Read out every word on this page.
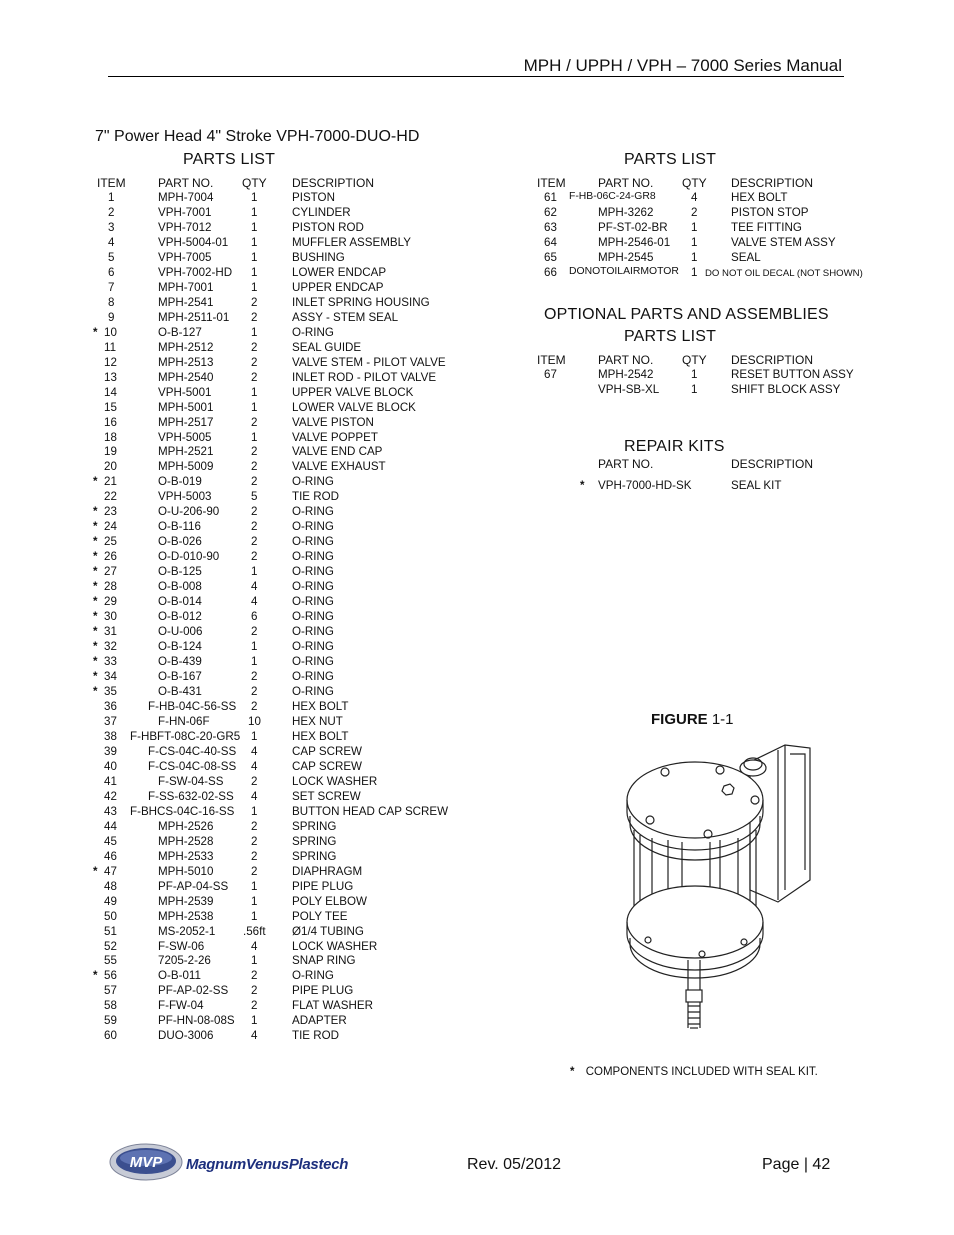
MPH / UPPH / VPH – 7000 Series Manual
7" Power Head 4" Stroke VPH-7000-DUO-HD
PARTS LIST
ITEM	PART NO. QTY DESCRIPTION
1	MPH-7004	1	PISTON
2	VPH-7001	1	CYLINDER
3	VPH-7012	1	PISTON ROD
4	VPH-5004-01 1	MUFFLER ASSEMBLY
5	VPH-7005	1	BUSHING
6	VPH-7002-HD 1	LOWER ENDCAP
7	MPH-7001	1	UPPER ENDCAP
8	MPH-2541	2	INLET SPRING HOUSING
9	MPH-2511-01 2	ASSY - STEM SEAL
* 10	O-B-127	1	O-RING
11	MPH-2512	2	SEAL GUIDE
12	MPH-2513	2	VALVE STEM - PILOT VALVE
13	MPH-2540	2	INLET ROD - PILOT VALVE
14	VPH-5001	1	UPPER VALVE BLOCK
15	MPH-5001	1	LOWER VALVE BLOCK
16	MPH-2517	2	VALVE PISTON
18	VPH-5005	1	VALVE POPPET
19	MPH-2521	2	VALVE END CAP
20	MPH-5009	2	VALVE EXHAUST
* 21	O-B-019	2	O-RING
22	VPH-5003	5	TIE ROD
* 23	O-U-206-90	2	O-RING
* 24	O-B-116	2	O-RING
* 25	O-B-026	2	O-RING
* 26	O-D-010-90	2	O-RING
* 27	O-B-125	1	O-RING
* 28	O-B-008	4	O-RING
* 29	O-B-014	4	O-RING
* 30	O-B-012	6	O-RING
* 31	O-U-006	2	O-RING
* 32	O-B-124	1	O-RING
* 33	O-B-439	1	O-RING
* 34	O-B-167	2	O-RING
* 35	O-B-431	2	O-RING
36	F-HB-04C-56-SS 2	HEX BOLT
37	F-HN-06F	10	HEX NUT
38 F-HBFT-08C-20-GR5 1	HEX BOLT
39	F-CS-04C-40-SS 4	CAP SCREW
40	F-CS-04C-08-SS 4	CAP SCREW
41	F-SW-04-SS 2	LOCK WASHER
42	F-SS-632-02-SS 4	SET SCREW
43 F-BHCS-04C-16-SS 1	BUTTON HEAD CAP SCREW
44	MPH-2526	2	SPRING
45	MPH-2528	2	SPRING
46	MPH-2533	2	SPRING
* 47	MPH-5010	2	DIAPHRAGM
48	PF-AP-04-SS 1	PIPE PLUG
49	MPH-2539	1	POLY ELBOW
50	MPH-2538	1	POLY TEE
51	MS-2052-1 .56ft Ø1/4 TUBING
52	F-SW-06	4	LOCK WASHER
55	7205-2-26	1	SNAP RING
* 56	O-B-011	2	O-RING
57	PF-AP-02-SS 2	PIPE PLUG
58	F-FW-04	2	FLAT WASHER
59	PF-HN-08-08S 1	ADAPTER
60	DUO-3006	4	TIE ROD
PARTS LIST
ITEM	PART NO. QTY DESCRIPTION
61 F-HB-06C-24-GR8	4	HEX BOLT
62	MPH-3262	2	PISTON STOP
63	PF-ST-02-BR 1	TEE FITTING
64	MPH-2546-01 1	VALVE STEM ASSY
65	MPH-2545	1	SEAL
66 DONOTOILAIRMOTOR 1 DO NOT OIL DECAL (NOT SHOWN)
OPTIONAL PARTS AND ASSEMBLIES
PARTS LIST
ITEM	PART NO. QTY DESCRIPTION
67	MPH-2542	1	RESET BUTTON ASSY
VPH-SB-XL	1	SHIFT BLOCK ASSY
REPAIR KITS
PART NO.	DESCRIPTION
* VPH-7000-HD-SK	SEAL KIT
FIGURE 1-1
* COMPONENTS INCLUDED WITH SEAL KIT.
MVP MagnumVenusPlastech	Rev. 05/2012	Page | 42
